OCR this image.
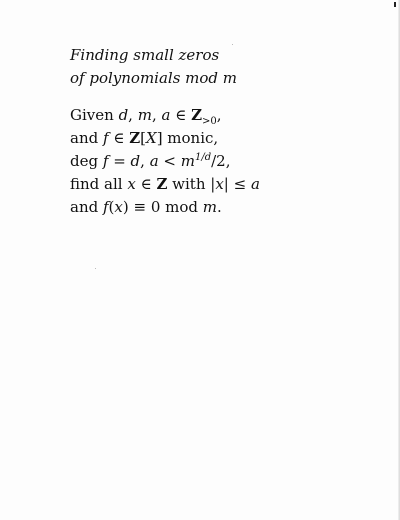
Finding small zeros
of polynomials mod m
Given d, m, a ∈ $Z_{>0}$,
and f ∈ Z[X] monic,
deg f = d, $a < m^{1/d}/2$,
find all x ∈ Z with |x| ≤ a
and f(x) ≡ 0 mod m.
